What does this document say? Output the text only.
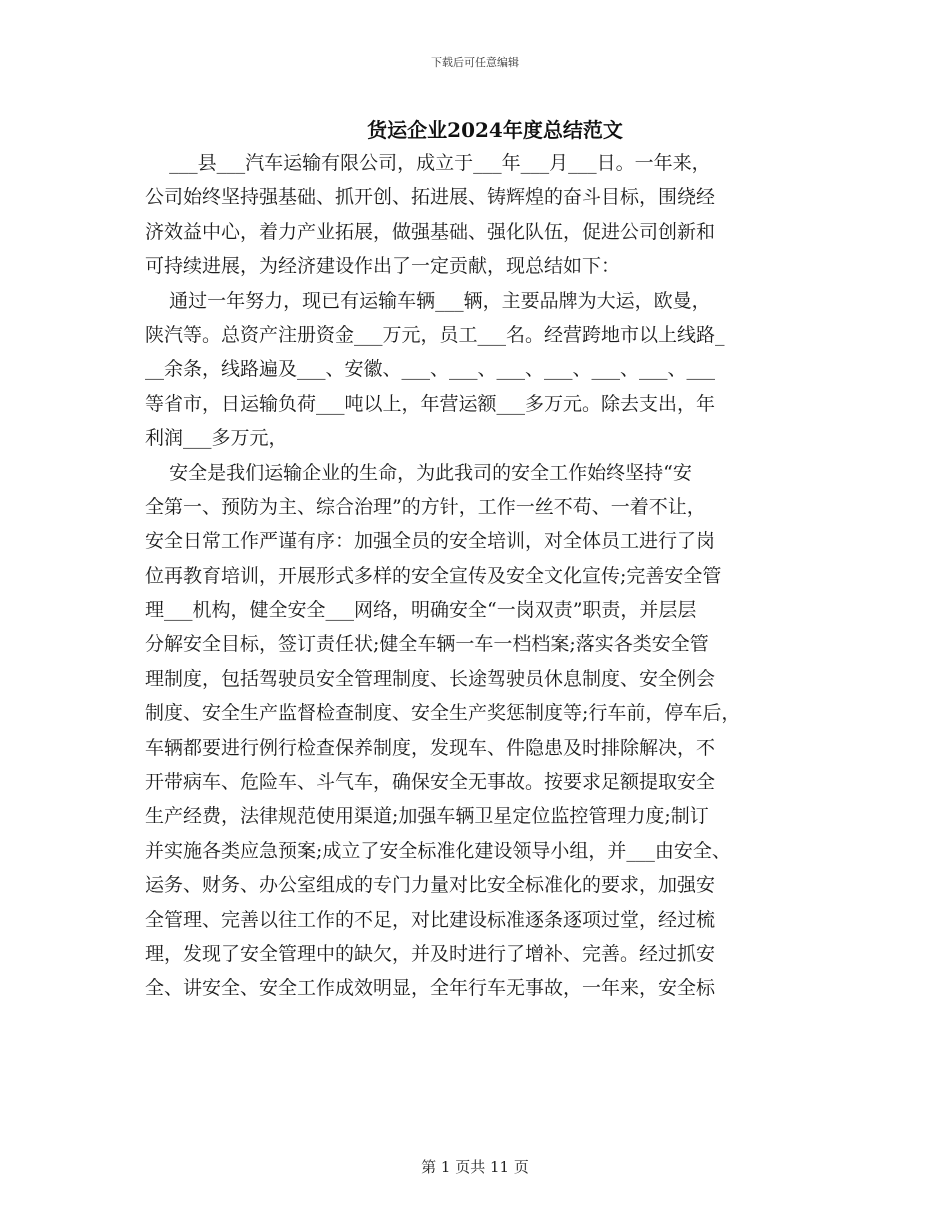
下载后可任意编辑
货运企业2024年度总结范文
___县___汽车运输有限公司，成立于___年___月___日。一年来，
公司始终坚持强基础、抓开创、拓进展、铸辉煌的奋斗目标，围绕经
济效益中心，着力产业拓展，做强基础、强化队伍，促进公司创新和
可持续进展，为经济建设作出了一定贡献，现总结如下：
通过一年努力，现已有运输车辆___辆，主要品牌为大运，欧曼，
陕汽等。总资产注册资金___万元，员工___名。经营跨地市以上线路_
__余条，线路遍及___、安徽、___、___、___、___、___、___、___
等省市，日运输负荷___吨以上，年营运额___多万元。除去支出，年
利润___多万元，
安全是我们运输企业的生命，为此我司的安全工作始终坚持“安
全第一、预防为主、综合治理”的方针，工作一丝不苟、一着不让，
安全日常工作严谨有序：加强全员的安全培训，对全体员工进行了岗
位再教育培训，开展形式多样的安全宣传及安全文化宣传;完善安全管
理___机构，健全安全___网络，明确安全“一岗双责”职责，并层层
分解安全目标，签订责任状;健全车辆一车一档档案;落实各类安全管
理制度，包括驾驶员安全管理制度、长途驾驶员休息制度、安全例会
制度、安全生产监督检查制度、安全生产奖惩制度等;行车前，停车后，
车辆都要进行例行检查保养制度，发现车、件隐患及时排除解决，不
开带病车、危险车、斗气车，确保安全无事故。按要求足额提取安全
生产经费，法律规范使用渠道;加强车辆卫星定位监控管理力度;制订
并实施各类应急预案;成立了安全标准化建设领导小组，并___由安全、
运务、财务、办公室组成的专门力量对比安全标准化的要求，加强安
全管理、完善以往工作的不足，对比建设标准逐条逐项过堂，经过梳
理，发现了安全管理中的缺欠，并及时进行了增补、完善。经过抓安
全、讲安全、安全工作成效明显，全年行车无事故，一年来，安全标
第 1 页共 11 页
